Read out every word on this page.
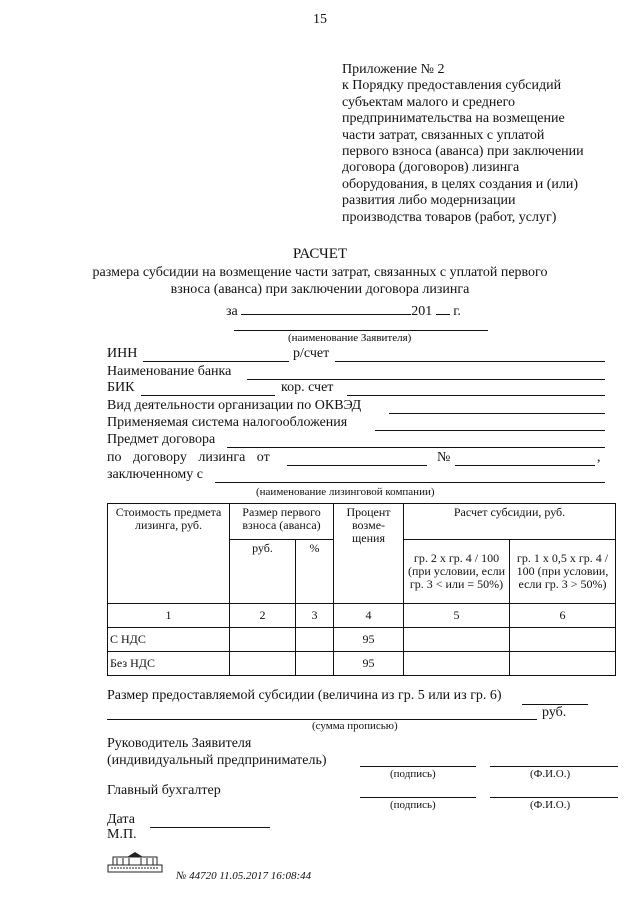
15
Приложение № 2
к Порядку предоставления субсидий
субъектам малого и среднего
предпринимательства на возмещение
части затрат, связанных с уплатой
первого взноса (аванса) при заключении
договора (договоров) лизинга
оборудования, в целях создания и (или)
развития либо модернизации
производства товаров (работ, услуг)
РАСЧЕТ
размера субсидии на возмещение части затрат, связанных с уплатой первого взноса (аванса) при заключении договора лизинга
за	201 г.
(наименование Заявителя)
ИНН	р/счет
Наименование банка
БИК	кор. счет
Вид деятельности организации по ОКВЭД
Применяемая система налогообложения
Предмет договора
по договору лизинга от	№	,
заключенному с
(наименование лизинговой компании)
Стоимость предмета лизинга, руб.	Размер первого взноса (аванса)		Процент возме-щения	Расчет субсидии, руб.	
	руб.	%		гр. 2 х гр. 4 / 100 (при условии, если гр. 3 < или = 50%)	гр. 1 х 0,5 х гр. 4 / 100 (при условии, если гр. 3 > 50%)
1	2	3	4	5	6
С НДС			95		
Без НДС			95		
Размер предоставляемой субсидии (величина из гр. 5 или из гр. 6)
руб.
(сумма прописью)
Руководитель Заявителя
(индивидуальный предприниматель)
(подпись)	(Ф.И.О.)
Главный бухгалтер
(подпись)	(Ф.И.О.)
Дата
М.П.
№ 44720 11.05.2017 16:08:44
